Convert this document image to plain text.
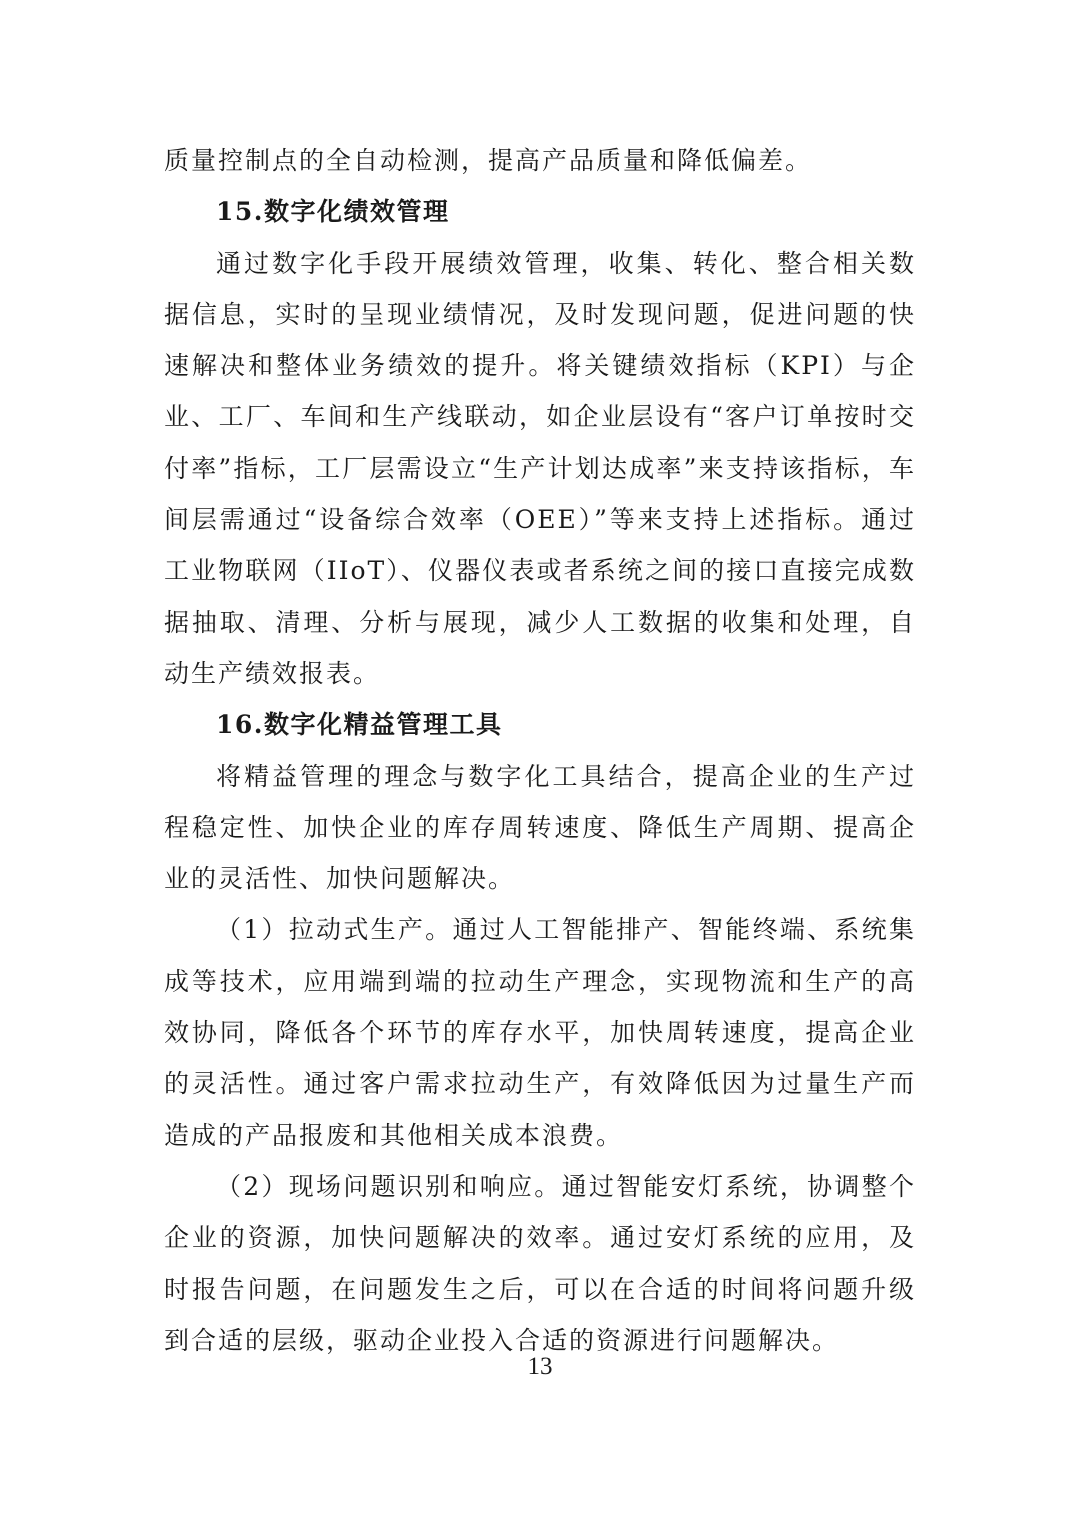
质量控制点的全自动检测，提高产品质量和降低偏差。

15.数字化绩效管理

通过数字化手段开展绩效管理，收集、转化、整合相关数据信息，实时的呈现业绩情况，及时发现问题，促进问题的快速解决和整体业务绩效的提升。将关键绩效指标（KPI）与企业、工厂、车间和生产线联动，如企业层设有“客户订单按时交付率”指标，工厂层需设立“生产计划达成率”来支持该指标，车间层需通过“设备综合效率（OEE）”等来支持上述指标。通过工业物联网（IIoT）、仪器仪表或者系统之间的接口直接完成数据抽取、清理、分析与展现，减少人工数据的收集和处理，自动生产绩效报表。

16.数字化精益管理工具

将精益管理的理念与数字化工具结合，提高企业的生产过程稳定性、加快企业的库存周转速度、降低生产周期、提高企业的灵活性、加快问题解决。

（1）拉动式生产。通过人工智能排产、智能终端、系统集成等技术，应用端到端的拉动生产理念，实现物流和生产的高效协同，降低各个环节的库存水平，加快周转速度，提高企业的灵活性。通过客户需求拉动生产，有效降低因为过量生产而造成的产品报废和其他相关成本浪费。

（2）现场问题识别和响应。通过智能安灯系统，协调整个企业的资源，加快问题解决的效率。通过安灯系统的应用，及时报告问题，在问题发生之后，可以在合适的时间将问题升级到合适的层级，驱动企业投入合适的资源进行问题解决。

13
